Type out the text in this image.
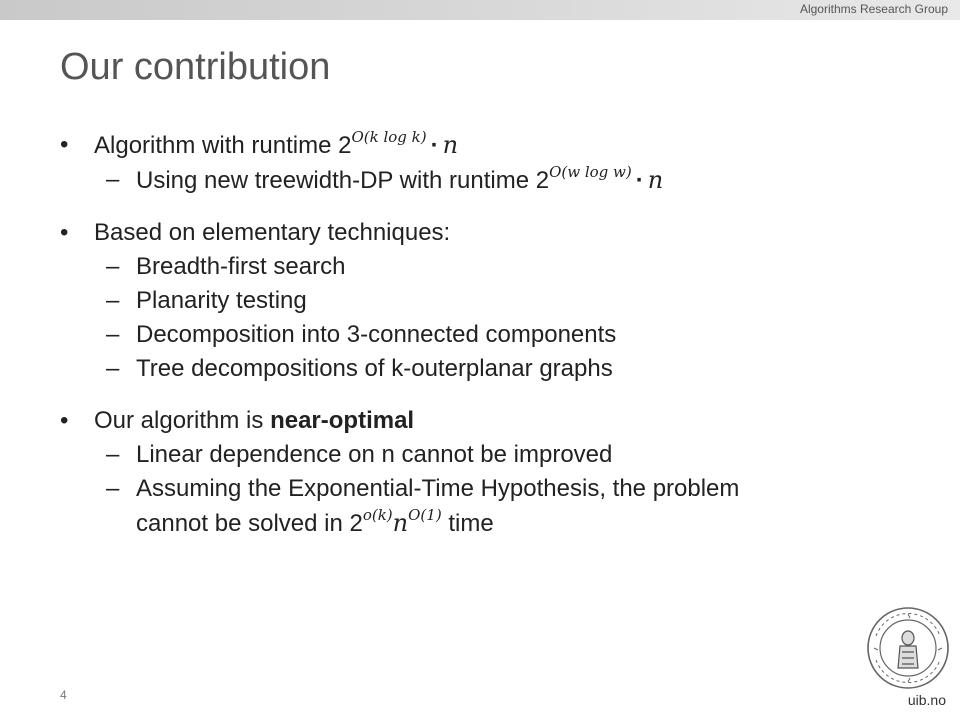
Algorithms Research Group
Our contribution
• Algorithm with runtime $2^{O(k log k)} \cdot n$
– Using new treewidth-DP with runtime $2^{O(w log w)} \cdot n$
• Based on elementary techniques:
– Breadth-first search
– Planarity testing
– Decomposition into 3-connected components
– Tree decompositions of k-outerplanar graphs
• Our algorithm is near-optimal
– Linear dependence on n cannot be improved
– Assuming the Exponential-Time Hypothesis, the problem
cannot be solved in $2^{o(k)}n^{O(1)}$ time
4	uib.no
